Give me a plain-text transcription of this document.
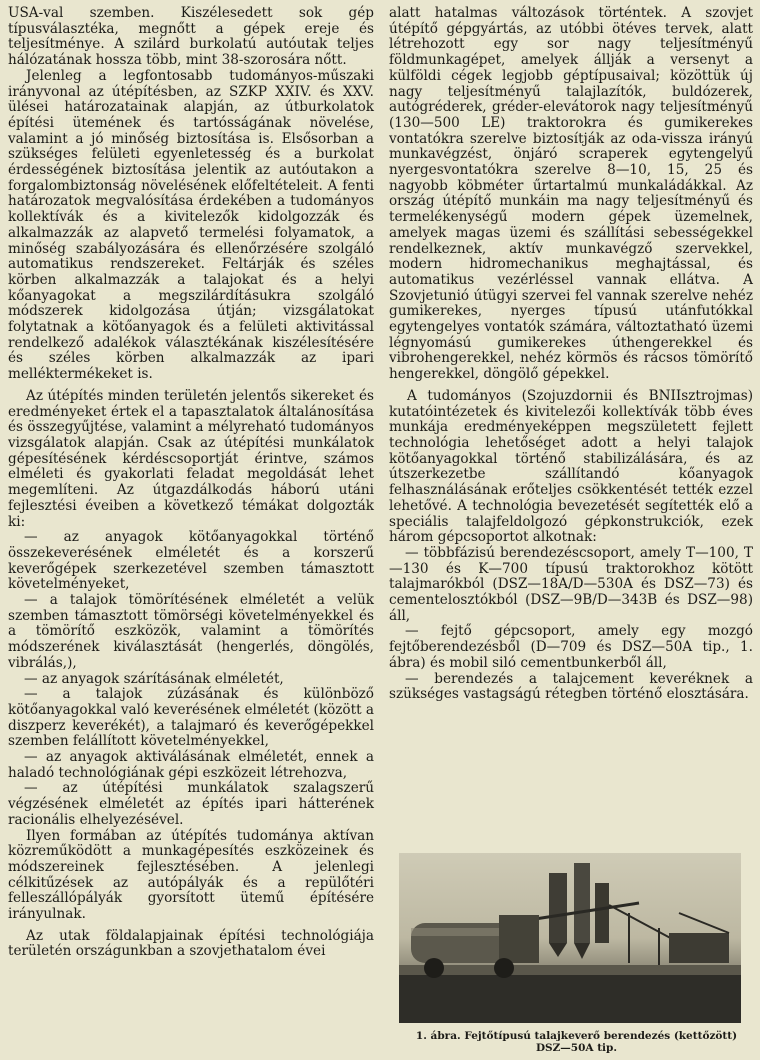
USA-val szemben. Kiszélesedett sok gép típusválasztéka, megnőtt a gépek ereje és teljesítménye. A szilárd burkolatú autóutak teljes hálózatának hossza több, mint 38-szorosára nőtt.

Jelenleg a legfontosabb tudományos-műszaki irányvonal az útépítésben, az SZKP XXIV. és XXV. ülései határozatainak alapján, az útburkolatok építési ütemének és tartósságának növelése, valamint a jó minőség biztosítása is. Elsősorban a szükséges felületi egyenletesség és a burkolat érdességének biztosítása jelentik az autóutakon a forgalombiztonság növelésének előfeltételeit. A fenti határozatok megvalósítása érdekében a tudományos kollektívák és a kivitelezők kidolgozzák és alkalmazzák az alapvető termelési folyamatok, a minőség szabályozására és ellenőrzésére szolgáló automatikus rendszereket. Feltárják és széles körben alkalmazzák a talajokat és a helyi kőanyagokat a megszilárdításukra szolgáló módszerek kidolgozása útján; vizsgálatokat folytatnak a kötőanyagok és a felületi aktivitással rendelkező adalékok választékának kiszélesítésére és széles körben alkalmazzák az ipari melléktermékeket is.

Az útépítés minden területén jelentős sikereket és eredményeket értek el a tapasztalatok általánosítása és összegyűjtése, valamint a mélyreható tudományos vizsgálatok alapján. Csak az útépítési munkálatok gépesítésének kérdéscsoportját érintve, számos elméleti és gyakorlati feladat megoldását lehet megemlíteni. Az útgazdálkodás háború utáni fejlesztési éveiben a következő témákat dolgozták ki:

— az anyagok kötőanyagokkal történő összekeverésének elméletét és a korszerű keverőgépek szerkezetével szemben támasztott követelményeket,

— a talajok tömörítésének elméletét a velük szemben támasztott tömörségi követelményekkel és a tömörítő eszközök, valamint a tömörítés módszerének kiválasztását (hengerlés, döngölés, vibrálás,),

— az anyagok szárításának elméletét,

— a talajok zúzásának és különböző kötőanyagokkal való keverésének elméletét (között a diszperz keverékét), a talajmaró és keverőgépekkel szemben felállított követelményekkel,

— az anyagok aktiválásának elméletét, ennek a haladó technológiának gépi eszközeit létrehozva,

— az útépítési munkálatok szalagszerű végzésének elméletét az építés ipari hátterének racionális elhelyezésével.

Ilyen formában az útépítés tudománya aktívan közreműködött a munkagépesítés eszközeinek és módszereinek fejlesztésében. A jelenlegi célkitűzések az autópályák és a repülőtéri felleszállópályák gyorsított ütemű építésére irányulnak.

Az utak földalapjainak építési technológiája területén országunkban a szovjethatalom évei

alatt hatalmas változások történtek. A szovjet útépítő gépgyártás, az utóbbi ötéves tervek, alatt létrehozott egy sor nagy teljesítményű földmunkagépet, amelyek állják a versenyt a külföldi cégek legjobb géptípusaival; közöttük új nagy teljesítményű talajlazítók, buldózerek, autógréderek, gréder-elevátorok nagy teljesítményű (130—500 LE) traktorokra és gumikerekes vontatókra szerelve biztosítják az oda-vissza irányú munkavégzést, önjáró scraperek egytengelyű nyergesvontatókra szerelve 8—10, 15, 25 és nagyobb köbméter űrtartalmú munkaládákkal. Az ország útépítő munkáin ma nagy teljesítményű és termelékenységű modern gépek üzemelnek, amelyek magas üzemi és szállítási sebességekkel rendelkeznek, aktív munkavégző szervekkel, modern hidromechanikus meghajtással, és automatikus vezérléssel vannak ellátva. A Szovjetunió útügyi szervei fel vannak szerelve nehéz gumikerekes, nyerges típusú utánfutókkal egytengelyes vontatók számára, változtatható üzemi légnyomású gumikerekes úthengerekkel és vibrohengerekkel, nehéz körmös és rácsos tömörítő hengerekkel, döngölő gépekkel.

A tudományos (Szojuzdornii és BNIIsztrojmas) kutatóintézetek és kivitelezői kollektívák több éves munkája eredményeképpen megszületett fejlett technológia lehetőséget adott a helyi talajok kötőanyagokkal történő stabilizálására, és az útszerkezetbe szállítandó kőanyagok felhasználásának erőteljes csökkentését tették ezzel lehetővé. A technológia bevezetését segítették elő a speciális talajfeldolgozó gépkonstrukciók, ezek három gépcsoportot alkotnak:

— többfázisú berendezéscsoport, amely T—100, T—130 és K—700 típusú traktorokhoz kötött talajmarókból (DSZ—18A/D—530A és DSZ—73) és cementelosztókból (DSZ—9B/D—343B és DSZ—98) áll,

— fejtő gépcsoport, amely egy mozgó fejtőberendezésből (D—709 és DSZ—50A tip., 1. ábra) és mobil siló cementbunkerből áll,

— berendezés a talajcement keveréknek a szükséges vastagságú rétegben történő elosztására.

1. ábra. Fejtőtípusú talajkeverő berendezés (kettőzött) DSZ—50A tip.
